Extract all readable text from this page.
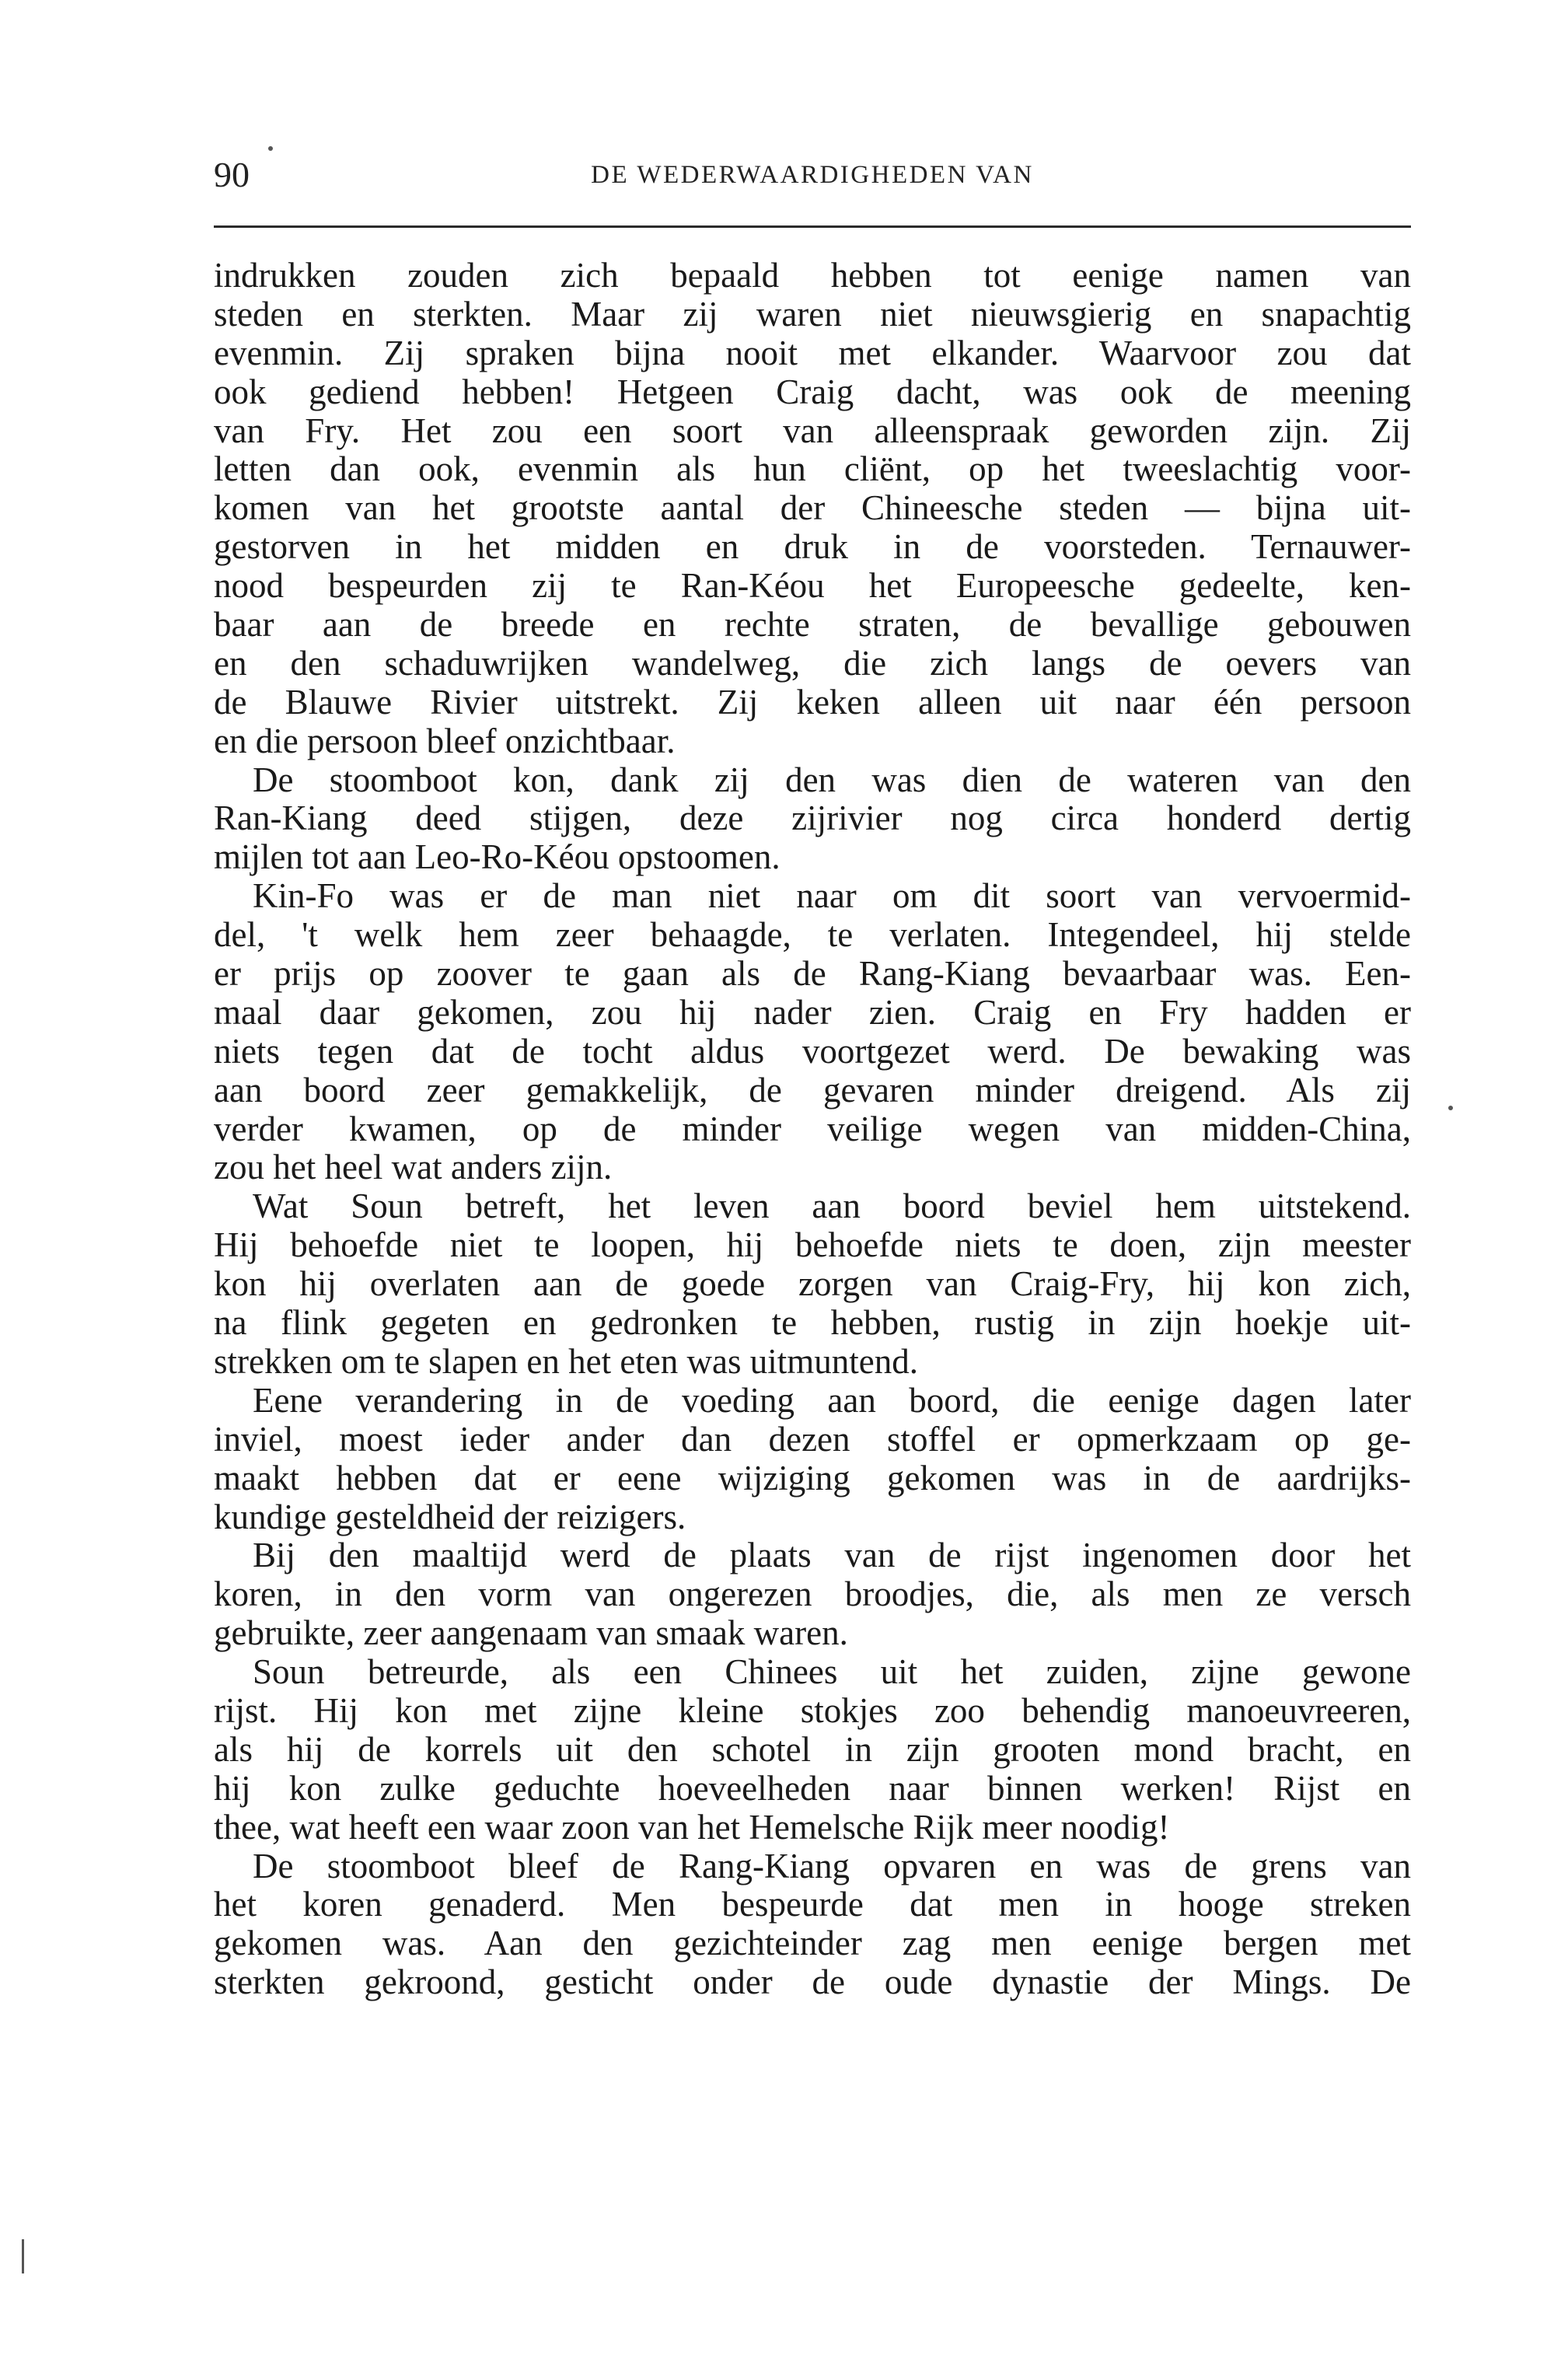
90	DE WEDERWAARDIGHEDEN VAN
indrukken zouden zich bepaald hebben tot eenige namen van
steden en sterkten. Maar zij waren niet nieuwsgierig en snapachtig
evenmin. Zij spraken bijna nooit met elkander. Waarvoor zou dat
ook gediend hebben! Hetgeen Craig dacht, was ook de meening
van Fry. Het zou een soort van alleenspraak geworden zijn. Zij
letten dan ook, evenmin als hun cliënt, op het tweeslachtig voor-
komen van het grootste aantal der Chineesche steden — bijna uit-
gestorven in het midden en druk in de voorsteden. Ternauwer-
nood bespeurden zij te Ran-Kéou het Europeesche gedeelte, ken-
baar aan de breede en rechte straten, de bevallige gebouwen
en den schaduwrijken wandelweg, die zich langs de oevers van
de Blauwe Rivier uitstrekt. Zij keken alleen uit naar één persoon
en die persoon bleef onzichtbaar.
De stoomboot kon, dank zij den was dien de wateren van den
Ran-Kiang deed stijgen, deze zijrivier nog circa honderd dertig
mijlen tot aan Leo-Ro-Kéou opstoomen.
Kin-Fo was er de man niet naar om dit soort van vervoermid-
del, 't welk hem zeer behaagde, te verlaten. Integendeel, hij stelde
er prijs op zoover te gaan als de Rang-Kiang bevaarbaar was. Een-
maal daar gekomen, zou hij nader zien. Craig en Fry hadden er
niets tegen dat de tocht aldus voortgezet werd. De bewaking was
aan boord zeer gemakkelijk, de gevaren minder dreigend. Als zij
verder kwamen, op de minder veilige wegen van midden-China,
zou het heel wat anders zijn.
Wat Soun betreft, het leven aan boord beviel hem uitstekend.
Hij behoefde niet te loopen, hij behoefde niets te doen, zijn meester
kon hij overlaten aan de goede zorgen van Craig-Fry, hij kon zich,
na flink gegeten en gedronken te hebben, rustig in zijn hoekje uit-
strekken om te slapen en het eten was uitmuntend.
Eene verandering in de voeding aan boord, die eenige dagen later
inviel, moest ieder ander dan dezen stoffel er opmerkzaam op ge-
maakt hebben dat er eene wijziging gekomen was in de aardrijks-
kundige gesteldheid der reizigers.
Bij den maaltijd werd de plaats van de rijst ingenomen door het
koren, in den vorm van ongerezen broodjes, die, als men ze versch
gebruikte, zeer aangenaam van smaak waren.
Soun betreurde, als een Chinees uit het zuiden, zijne gewone
rijst. Hij kon met zijne kleine stokjes zoo behendig manoeuvreeren,
als hij de korrels uit den schotel in zijn grooten mond bracht, en
hij kon zulke geduchte hoeveelheden naar binnen werken! Rijst en
thee, wat heeft een waar zoon van het Hemelsche Rijk meer noodig!
De stoomboot bleef de Rang-Kiang opvaren en was de grens van
het koren genaderd. Men bespeurde dat men in hooge streken
gekomen was. Aan den gezichteinder zag men eenige bergen met
sterkten gekroond, gesticht onder de oude dynastie der Mings. De
